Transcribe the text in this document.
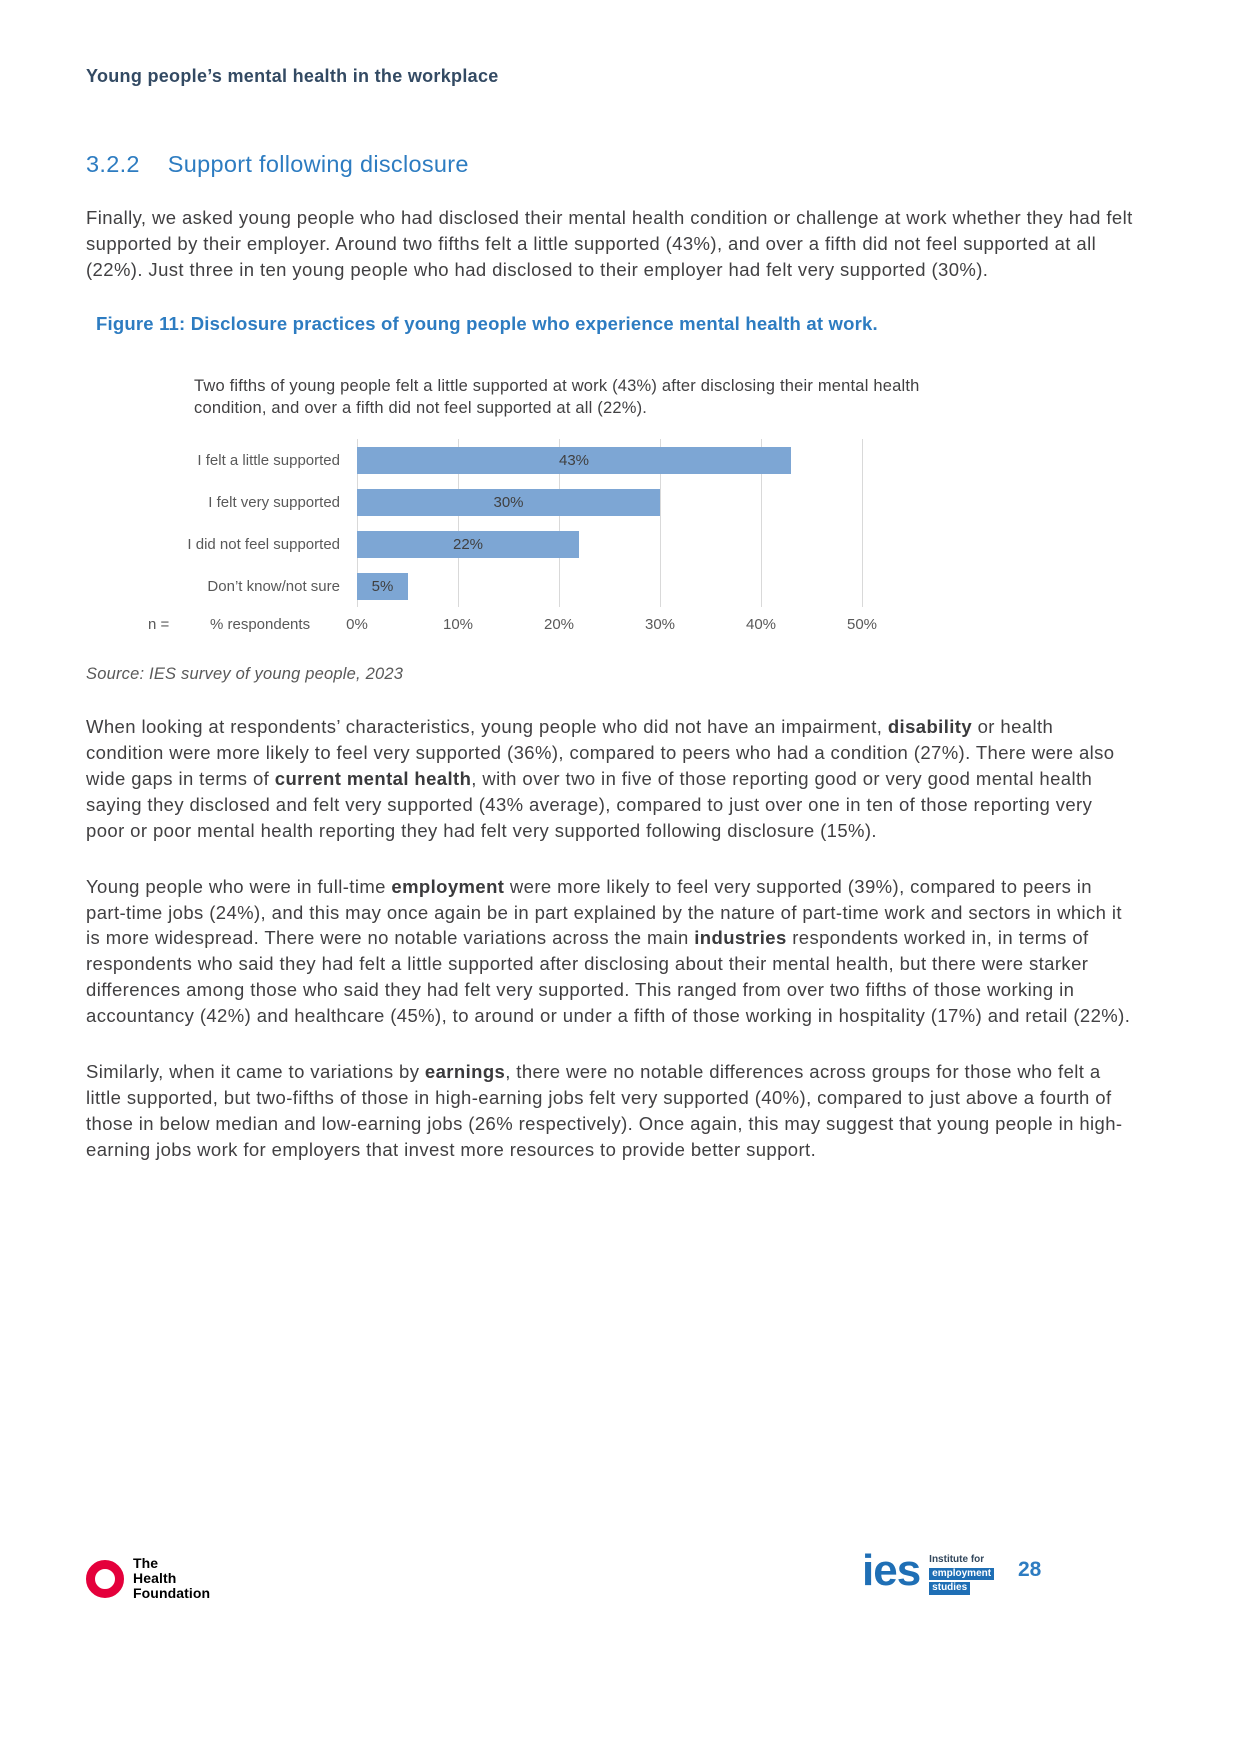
Young people’s mental health in the workplace
3.2.2 Support following disclosure

Finally, we asked young people who had disclosed their mental health condition or challenge at work whether they had felt supported by their employer. Around two fifths felt a little supported (43%), and over a fifth did not feel supported at all (22%). Just three in ten young people who had disclosed to their employer had felt very supported (30%).

Figure 11: Disclosure practices of young people who experience mental health at work.
Two fifths of young people felt a little supported at work (43%) after disclosing their mental health condition, and over a fifth did not feel supported at all (22%).
I felt a little supported	43%
I felt very supported	30%
I did not feel supported	22%
Don’t know/not sure 5%
n =	% respondents 0%	10%	20%	30%	40%	50%
Source: IES survey of young people, 2023

When looking at respondents’ characteristics, young people who did not have an impairment, disability or health condition were more likely to feel very supported (36%), compared to peers who had a condition (27%). There were also wide gaps in terms of current mental health, with over two in five of those reporting good or very good mental health saying they disclosed and felt very supported (43% average), compared to just over one in ten of those reporting very poor or poor mental health reporting they had felt very supported following disclosure (15%).

Young people who were in full-time employment were more likely to feel very supported (39%), compared to peers in part-time jobs (24%), and this may once again be in part explained by the nature of part-time work and sectors in which it is more widespread. There were no notable variations across the main industries respondents worked in, in terms of respondents who said they had felt a little supported after disclosing about their mental health, but there were starker differences among those who said they had felt very supported. This ranged from over two fifths of those working in accountancy (42%) and healthcare (45%), to around or under a fifth of those working in hospitality (17%) and retail (22%).

Similarly, when it came to variations by earnings, there were no notable differences across groups for those who felt a little supported, but two-fifths of those in high-earning jobs felt very supported (40%), compared to just above a fourth of those in below median and low-earning jobs (26% respectively). Once again, this may suggest that young people in high-earning jobs work for employers that invest more resources to provide better support.

The
Health
Foundation	ies Institute for
employment
studies
28
